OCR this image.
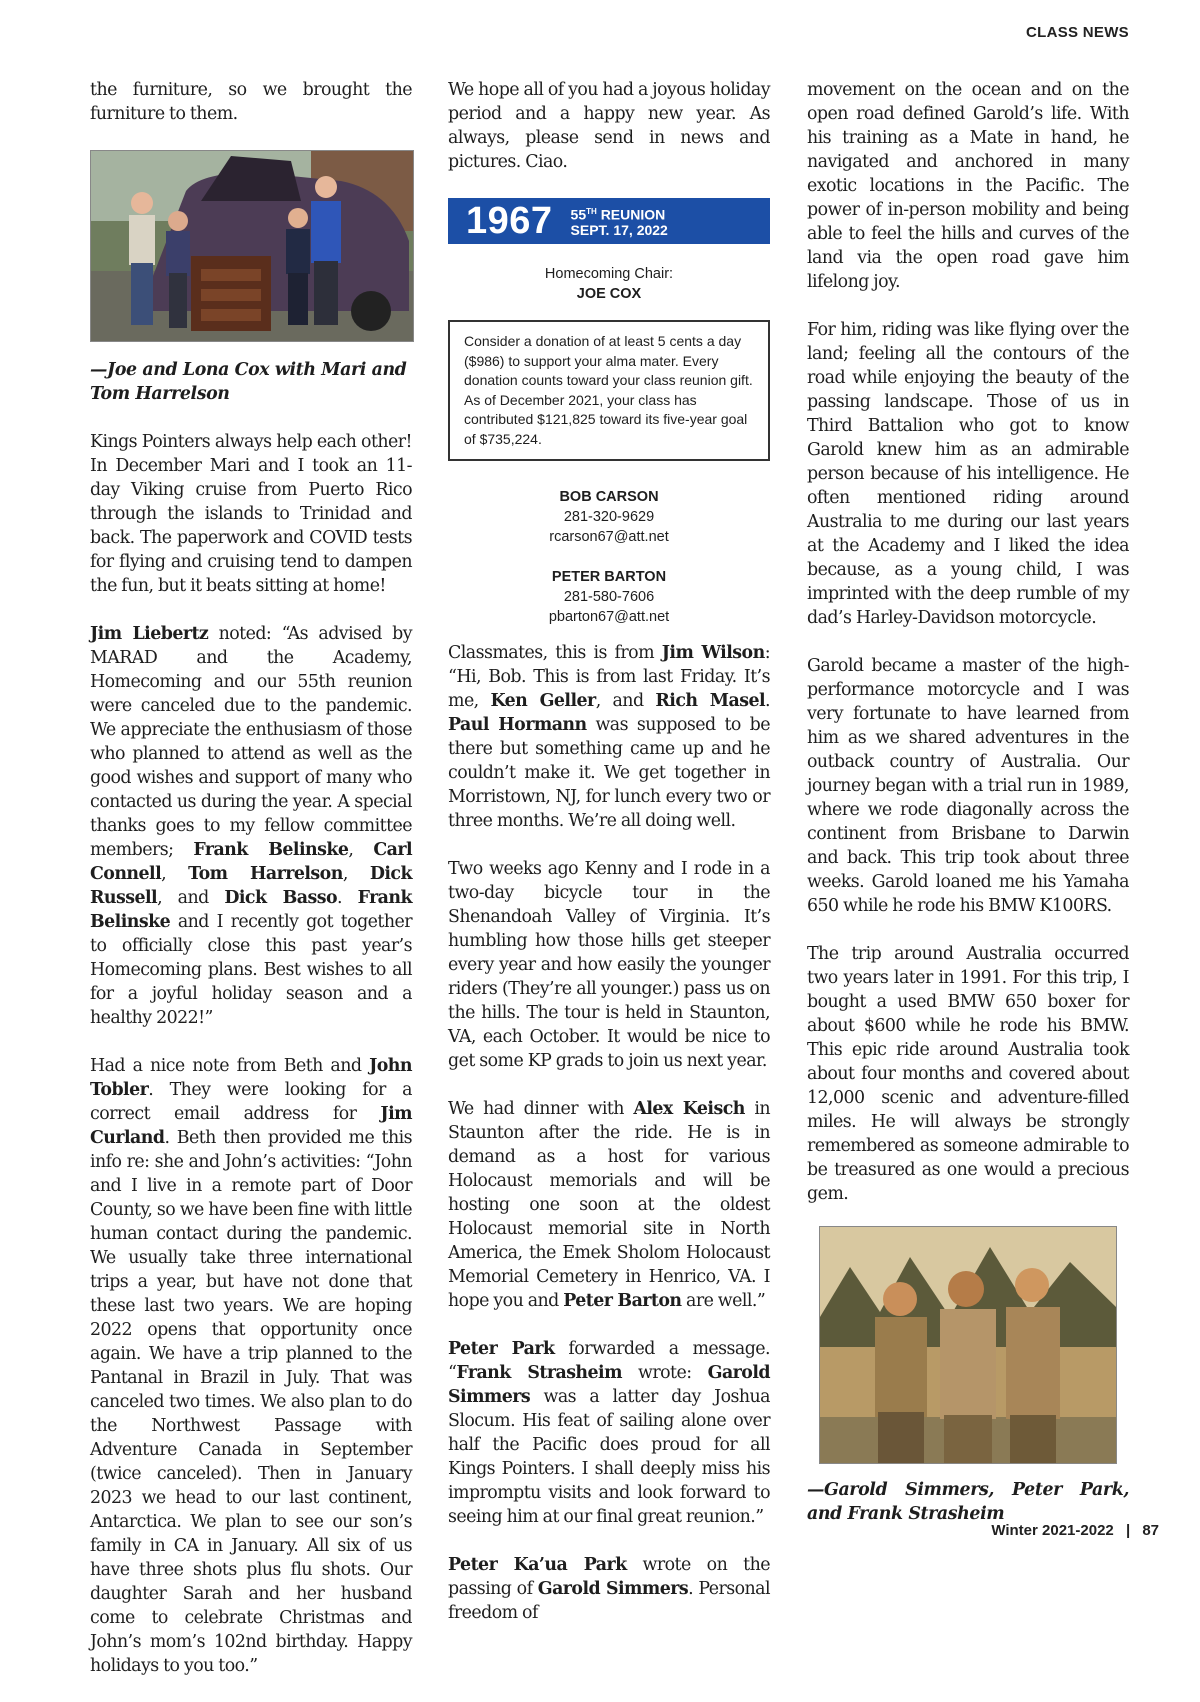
CLASS NEWS

the furniture, so we brought the furniture to them.

—Joe and Lona Cox with Mari and Tom Harrelson

Kings Pointers always help each other! In December Mari and I took an 11-day Viking cruise from Puerto Rico through the islands to Trinidad and back. The paperwork and COVID tests for flying and cruising tend to dampen the fun, but it beats sitting at home!

Jim Liebertz noted: “As advised by MARAD and the Academy, Homecoming and our 55th reunion were canceled due to the pandemic. We appreciate the enthusiasm of those who planned to attend as well as the good wishes and support of many who contacted us during the year. A special thanks goes to my fellow committee members; Frank Belinske, Carl Connell, Tom Harrelson, Dick Russell, and Dick Basso. Frank Belinske and I recently got together to officially close this past year’s Homecoming plans. Best wishes to all for a joyful holiday season and a healthy 2022!”

Had a nice note from Beth and John Tobler. They were looking for a correct email address for Jim Curland. Beth then provided me this info re: she and John’s activities: “John and I live in a remote part of Door County, so we have been fine with little human contact during the pandemic. We usually take three international trips a year, but have not done that these last two years. We are hoping 2022 opens that opportunity once again. We have a trip planned to the Pantanal in Brazil in July. That was canceled two times. We also plan to do the Northwest Passage with Adventure Canada in September (twice canceled). Then in January 2023 we head to our last continent, Antarctica. We plan to see our son’s family in CA in January. All six of us have three shots plus flu shots. Our daughter Sarah and her husband come to celebrate Christmas and John’s mom’s 102nd birthday. Happy holidays to you too.”

We hope all of you had a joyous holiday period and a happy new year. As always, please send in news and pictures. Ciao.

1967 55TH REUNION
SEPT. 17, 2022
Homecoming Chair:
JOE COX
Consider a donation of at least 5 cents a day ($986) to support your alma mater. Every donation counts toward your class reunion gift. As of December 2021, your class has contributed $121,825 toward its five-year goal of $735,224.
BOB CARSON
281-320-9629
rcarson67@att.net
PETER BARTON
281-580-7606
pbarton67@att.net

Classmates, this is from Jim Wilson: “Hi, Bob. This is from last Friday. It’s me, Ken Geller, and Rich Masel. Paul Hormann was supposed to be there but something came up and he couldn’t make it. We get together in Morristown, NJ, for lunch every two or three months. We’re all doing well.

Two weeks ago Kenny and I rode in a two-day bicycle tour in the Shenandoah Valley of Virginia. It’s humbling how those hills get steeper every year and how easily the younger riders (They’re all younger.) pass us on the hills. The tour is held in Staunton, VA, each October. It would be nice to get some KP grads to join us next year.

We had dinner with Alex Keisch in Staunton after the ride. He is in demand as a host for various Holocaust memorials and will be hosting one soon at the oldest Holocaust memorial site in North America, the Emek Sholom Holocaust Memorial Cemetery in Henrico, VA. I hope you and Peter Barton are well.”

Peter Park forwarded a message. “Frank Strasheim wrote: Garold Simmers was a latter day Joshua Slocum. His feat of sailing alone over half the Pacific does proud for all Kings Pointers. I shall deeply miss his impromptu visits and look forward to seeing him at our final great reunion.”

Peter Ka’ua Park wrote on the passing of Garold Simmers. Personal freedom of

movement on the ocean and on the open road defined Garold’s life. With his training as a Mate in hand, he navigated and anchored in many exotic locations in the Pacific. The power of in-person mobility and being able to feel the hills and curves of the land via the open road gave him lifelong joy.

For him, riding was like flying over the land; feeling all the contours of the road while enjoying the beauty of the passing landscape. Those of us in Third Battalion who got to know Garold knew him as an admirable person because of his intelligence. He often mentioned riding around Australia to me during our last years at the Academy and I liked the idea because, as a young child, I was imprinted with the deep rumble of my dad’s Harley-Davidson motorcycle.

Garold became a master of the high-performance motorcycle and I was very fortunate to have learned from him as we shared adventures in the outback country of Australia. Our journey began with a trial run in 1989, where we rode diagonally across the continent from Brisbane to Darwin and back. This trip took about three weeks. Garold loaned me his Yamaha 650 while he rode his BMW K100RS.

The trip around Australia occurred two years later in 1991. For this trip, I bought a used BMW 650 boxer for about $600 while he rode his BMW. This epic ride around Australia took about four months and covered about 12,000 scenic and adventure-filled miles. He will always be strongly remembered as someone admirable to be treasured as one would a precious gem.

—Garold Simmers, Peter Park, and Frank Strasheim

Winter 2021-2022 | 87
